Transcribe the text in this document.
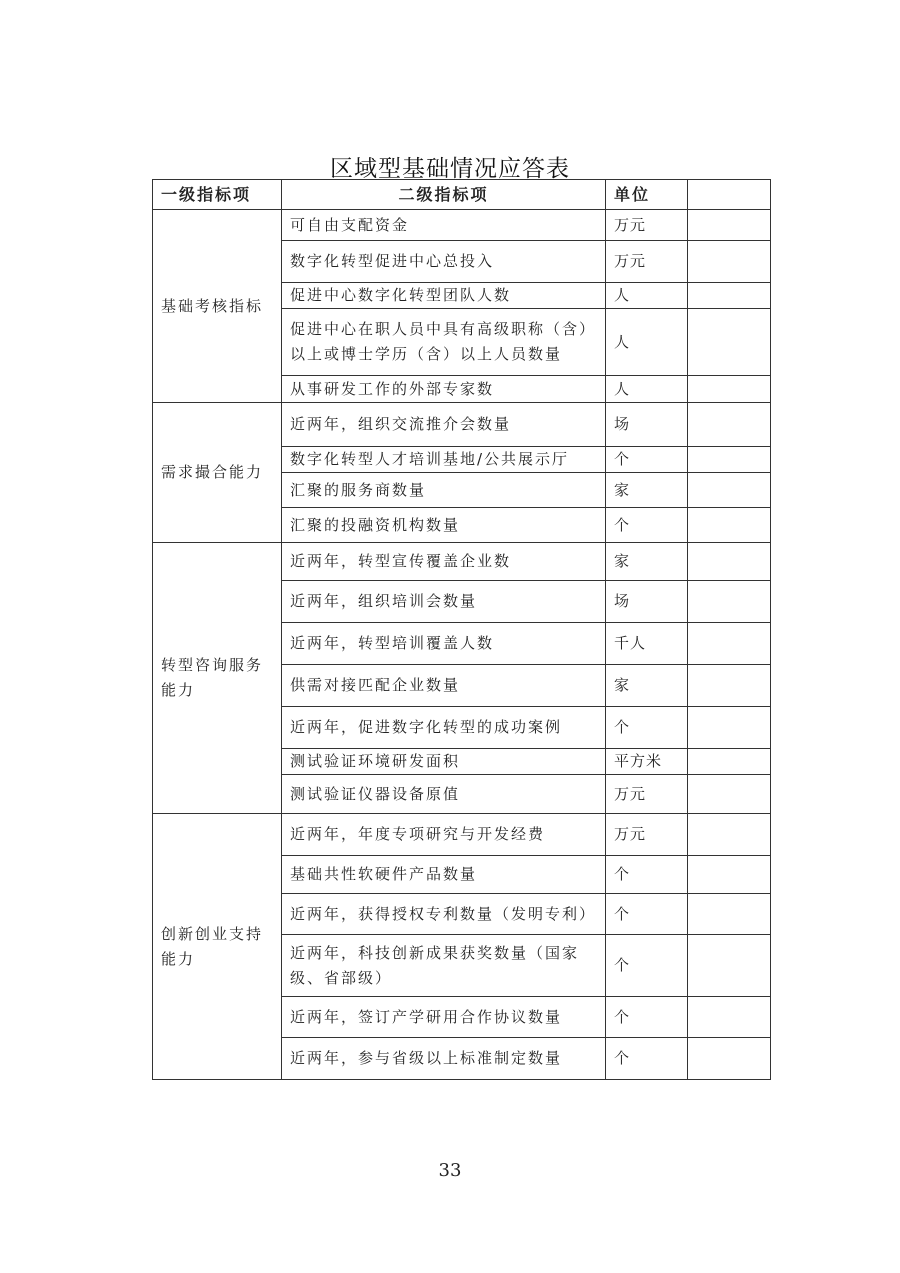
区域型基础情况应答表
一级指标项	二级指标项	单位	
基础考核指标	可自由支配资金	万元	
	数字化转型促进中心总投入	万元	
	促进中心数字化转型团队人数	人	
	促进中心在职人员中具有高级职称（含）以上或博士学历（含）以上人员数量	人	
	从事研发工作的外部专家数	人	
需求撮合能力	近两年，组织交流推介会数量	场	
	数字化转型人才培训基地/公共展示厅	个	
	汇聚的服务商数量	家	
	汇聚的投融资机构数量	个	
转型咨询服务能力	近两年，转型宣传覆盖企业数	家	
	近两年，组织培训会数量	场	
	近两年，转型培训覆盖人数	千人	
	供需对接匹配企业数量	家	
	近两年，促进数字化转型的成功案例	个	
	测试验证环境研发面积	平方米	
	测试验证仪器设备原值	万元	
创新创业支持能力	近两年，年度专项研究与开发经费	万元	
	基础共性软硬件产品数量	个	
	近两年，获得授权专利数量（发明专利）	个	
	近两年，科技创新成果获奖数量（国家级、省部级）	个	
	近两年，签订产学研用合作协议数量	个	
	近两年，参与省级以上标准制定数量	个	
33
